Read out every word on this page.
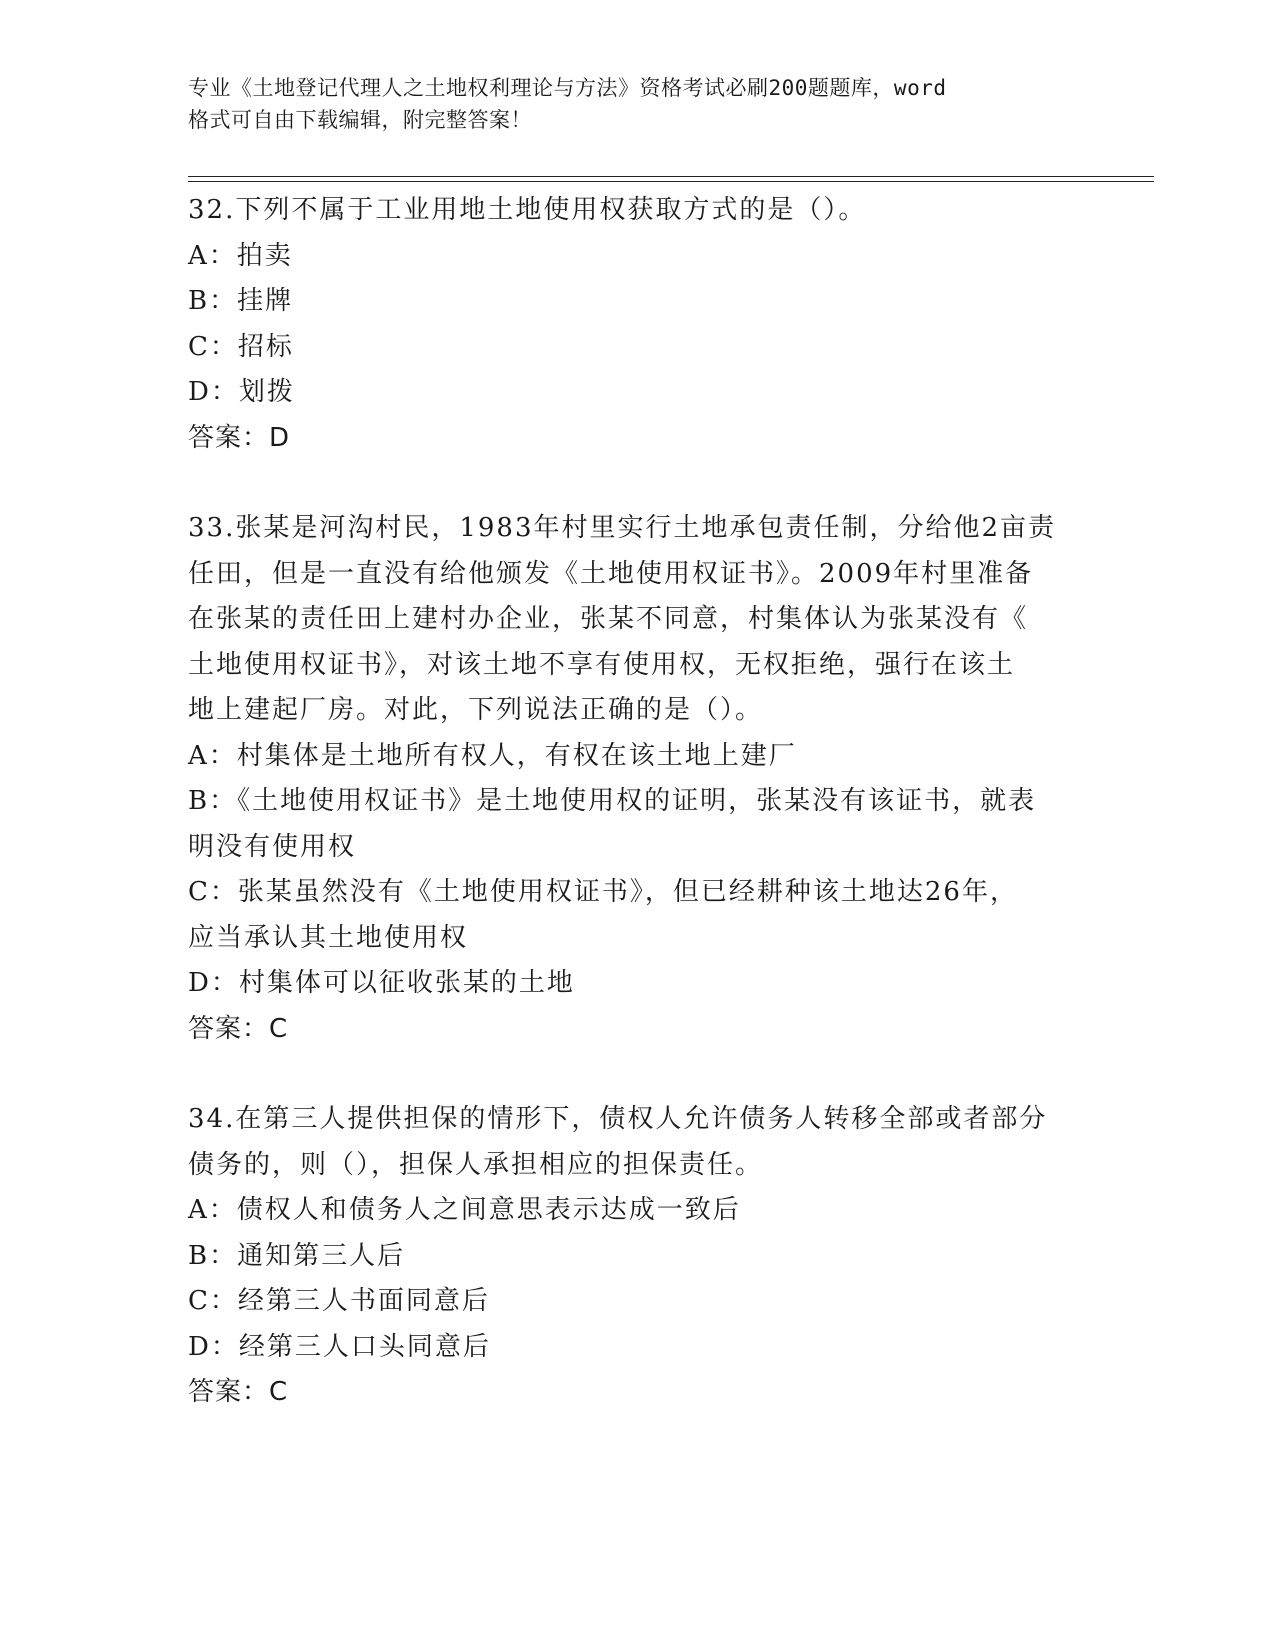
专业《土地登记代理人之土地权利理论与方法》资格考试必刷200题题库，word
格式可自由下载编辑，附完整答案！
32.下列不属于工业用地土地使用权获取方式的是（）。
A：拍卖
B：挂牌
C：招标
D：划拨
答案：D
33.张某是河沟村民，1983年村里实行土地承包责任制，分给他2亩责
任田，但是一直没有给他颁发《土地使用权证书》。2009年村里准备
在张某的责任田上建村办企业，张某不同意，村集体认为张某没有《
土地使用权证书》，对该土地不享有使用权，无权拒绝，强行在该土
地上建起厂房。对此，下列说法正确的是（）。
A：村集体是土地所有权人，有权在该土地上建厂
B：《土地使用权证书》是土地使用权的证明，张某没有该证书，就表
明没有使用权
C：张某虽然没有《土地使用权证书》，但已经耕种该土地达26年，
应当承认其土地使用权
D：村集体可以征收张某的土地
答案：C
34.在第三人提供担保的情形下，债权人允许债务人转移全部或者部分
债务的，则（），担保人承担相应的担保责任。
A：债权人和债务人之间意思表示达成一致后
B：通知第三人后
C：经第三人书面同意后
D：经第三人口头同意后
答案：C
